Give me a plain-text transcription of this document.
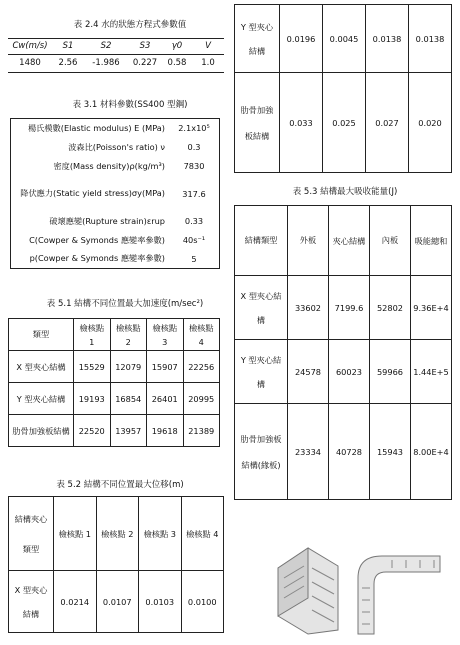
表 2.4 水的狀態方程式參數值
Cw(m/s)	S1	S2	S3	γ0	V
1480	2.56	-1.986	0.227	0.58	1.0
表 3.1 材料參數(SS400 型鋼)
楊氏模數(Elastic modulus) E (MPa)	2.1x10⁵
波森比(Poisson's ratio) ν	0.3
密度(Mass density)ρ(kg/m³)	7830
降伏應力(Static yield stress)σy(MPa)	317.6
破壞應變(Rupture strain)εrup	0.33
C(Cowper & Symonds 應變率參數)	40s⁻¹
p(Cowper & Symonds 應變率參數)	5
表 5.1 結構不同位置最大加速度(m/sec²)
類型	檢核點 1	檢核點 2	檢核點 3	檢核點 4
X 型夾心結構	15529	12079	15907	22256
Y 型夾心結構	19193	16854	26401	20995
肋骨加強板結構	22520	13957	19618	21389
表 5.2 結構不同位置最大位移(m)
結構夾心類型	檢核點 1	檢核點 2	檢核點 3	檢核點 4
X 型夾心結構	0.0214	0.0107	0.0103	0.0100
Y 型夾心結構	0.0196	0.0045	0.0138	0.0138
肋骨加強板結構	0.033	0.025	0.027	0.020
表 5.3 結構最大吸收能量(J)
結構類型	外板	夾心結構	內板	吸能總和
X 型夾心結構	33602	7199.6	52802	9.36E+4
Y 型夾心結構	24578	60023	59966	1.44E+5
肋骨加強板結構(緣板)	23334	40728	15943	8.00E+4
